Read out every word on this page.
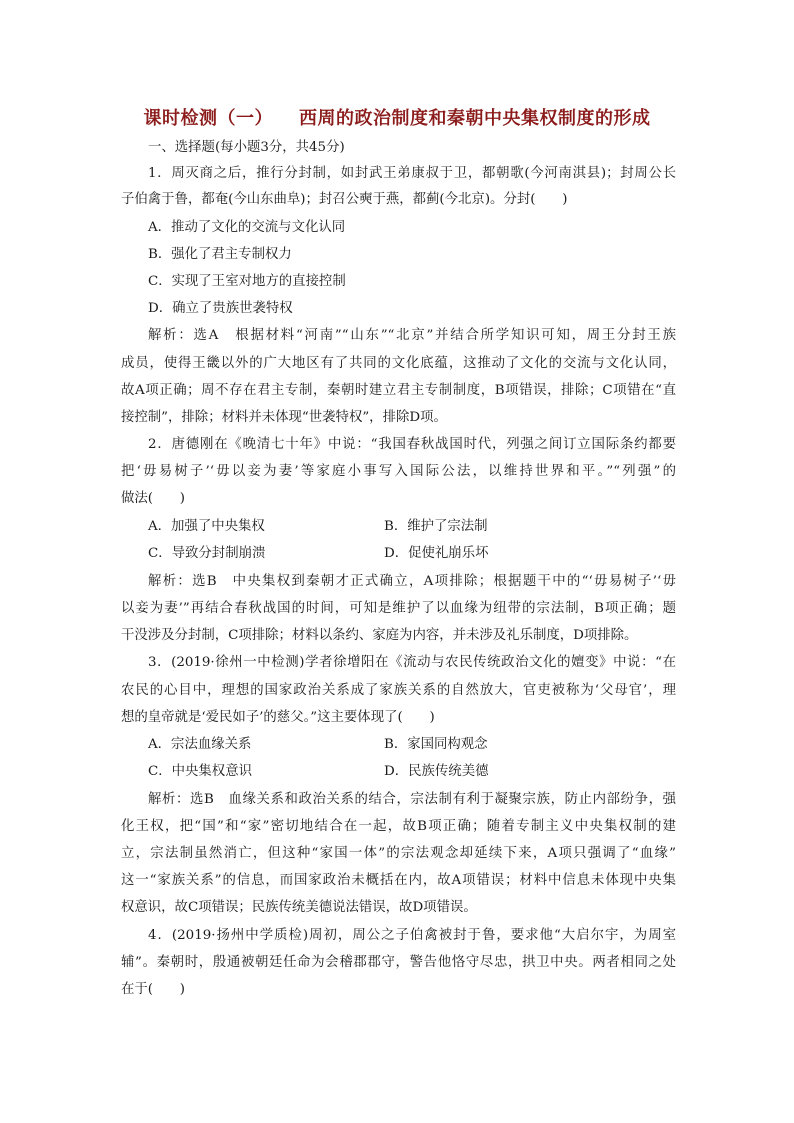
课时检测（一） 西周的政治制度和秦朝中央集权制度的形成
一、选择题(每小题3分，共45分)
1．周灭商之后，推行分封制，如封武王弟康叔于卫，都朝歌(今河南淇县)；封周公长
子伯禽于鲁，都奄(今山东曲阜)；封召公奭于燕，都蓟(今北京)。分封(　　)
A．推动了文化的交流与文化认同
B．强化了君主专制权力
C．实现了王室对地方的直接控制
D．确立了贵族世袭特权
解析：选A　根据材料“河南”“山东”“北京”并结合所学知识可知，周王分封王族
成员，使得王畿以外的广大地区有了共同的文化底蕴，这推动了文化的交流与文化认同，
故A项正确；周不存在君主专制，秦朝时建立君主专制制度，B项错误，排除；C项错在“直
接控制”，排除；材料并未体现“世袭特权”，排除D项。
2．唐德刚在《晚清七十年》中说：“我国春秋战国时代，列强之间订立国际条约都要
把‘毋易树子’‘毋以妾为妻’等家庭小事写入国际公法，以维持世界和平。”“列强”的
做法(　　)
A．加强了中央集权	B．维护了宗法制
C．导致分封制崩溃	D．促使礼崩乐坏
解析：选B　中央集权到秦朝才正式确立，A项排除；根据题干中的“‘毋易树子’‘毋
以妾为妻’”再结合春秋战国的时间，可知是维护了以血缘为纽带的宗法制，B项正确；题
干没涉及分封制，C项排除；材料以条约、家庭为内容，并未涉及礼乐制度，D项排除。
3．(2019·徐州一中检测)学者徐增阳在《流动与农民传统政治文化的嬗变》中说：“在
农民的心目中，理想的国家政治关系成了家族关系的自然放大，官吏被称为‘父母官’，理
想的皇帝就是‘爱民如子’的慈父。”这主要体现了(　　)
A．宗法血缘关系	B．家国同构观念
C．中央集权意识	D．民族传统美德
解析：选B　血缘关系和政治关系的结合，宗法制有利于凝聚宗族，防止内部纷争，强
化王权，把“国”和“家”密切地结合在一起，故B项正确；随着专制主义中央集权制的建
立，宗法制虽然消亡，但这种“家国一体”的宗法观念却延续下来，A项只强调了“血缘”
这一“家族关系”的信息，而国家政治未概括在内，故A项错误；材料中信息未体现中央集
权意识，故C项错误；民族传统美德说法错误，故D项错误。
4．(2019·扬州中学质检)周初，周公之子伯禽被封于鲁，要求他“大启尔宇，为周室
辅”。秦朝时，殷通被朝廷任命为会稽郡郡守，警告他恪守尽忠，拱卫中央。两者相同之处
在于(　　)
